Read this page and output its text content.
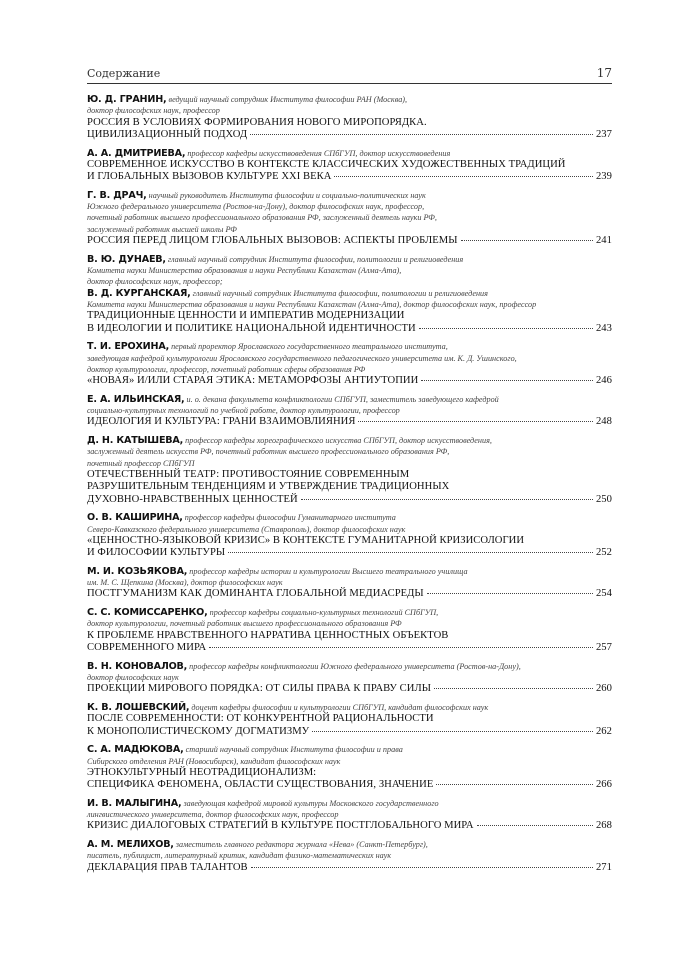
Содержание	17
Ю. Д. ГРАНИН, ведущий научный сотрудник Института философии РАН (Москва),
доктор философских наук, профессор
РОССИЯ В УСЛОВИЯХ ФОРМИРОВАНИЯ НОВОГО МИРОПОРЯДКА.
ЦИВИЛИЗАЦИОННЫЙ ПОДХОД	237
А. А. ДМИТРИЕВА, профессор кафедры искусствоведения СПбГУП, доктор искусствоведения
СОВРЕМЕННОЕ ИСКУССТВО В КОНТЕКСТЕ КЛАССИЧЕСКИХ ХУДОЖЕСТВЕННЫХ ТРАДИЦИЙ
И ГЛОБАЛЬНЫХ ВЫЗОВОВ КУЛЬТУРЕ XXI ВЕКА	239
Г. В. ДРАЧ, научный руководитель Института философии и социально-политических наук
Южного федерального университета (Ростов-на-Дону), доктор философских наук, профессор,
почетный работник высшего профессионального образования РФ, заслуженный деятель науки РФ,
заслуженный работник высшей школы РФ
РОССИЯ ПЕРЕД ЛИЦОМ ГЛОБАЛЬНЫХ ВЫЗОВОВ: АСПЕКТЫ ПРОБЛЕМЫ	241
В. Ю. ДУНАЕВ, главный научный сотрудник Института философии, политологии и религиоведения
Комитета науки Министерства образования и науки Республики Казахстан (Алма-Ата),
доктор философских наук, профессор;
В. Д. КУРГАНСКАЯ, главный научный сотрудник Института философии, политологии и религиоведения
Комитета науки Министерства образования и науки Республики Казахстан (Алма-Ата), доктор философских наук, профессор
ТРАДИЦИОННЫЕ ЦЕННОСТИ И ИМПЕРАТИВ МОДЕРНИЗАЦИИ
В ИДЕОЛОГИИ И ПОЛИТИКЕ НАЦИОНАЛЬНОЙ ИДЕНТИЧНОСТИ	243
Т. И. ЕРОХИНА, первый проректор Ярославского государственного театрального института,
заведующая кафедрой культурологии Ярославского государственного педагогического университета им. К. Д. Ушинского,
доктор культурологии, профессор, почетный работник сферы образования РФ
«НОВАЯ» И/ИЛИ СТАРАЯ ЭТИКА: МЕТАМОРФОЗЫ АНТИУТОПИИ	246
Е. А. ИЛЬИНСКАЯ, и. о. декана факультета конфликтологии СПбГУП, заместитель заведующего кафедрой
социально-культурных технологий по учебной работе, доктор культурологии, профессор
ИДЕОЛОГИЯ И КУЛЬТУРА: ГРАНИ ВЗАИМОВЛИЯНИЯ	248
Д. Н. КАТЫШЕВА, профессор кафедры хореографического искусства СПбГУП, доктор искусствоведения,
заслуженный деятель искусств РФ, почетный работник высшего профессионального образования РФ,
почетный профессор СПбГУП
ОТЕЧЕСТВЕННЫЙ ТЕАТР: ПРОТИВОСТОЯНИЕ СОВРЕМЕННЫМ
РАЗРУШИТЕЛЬНЫМ ТЕНДЕНЦИЯМ И УТВЕРЖДЕНИЕ ТРАДИЦИОННЫХ
ДУХОВНО-НРАВСТВЕННЫХ ЦЕННОСТЕЙ	250
О. В. КАШИРИНА, профессор кафедры философии Гуманитарного института
Северо-Кавказского федерального университета (Ставрополь), доктор философских наук
«ЦЕННОСТНО-ЯЗЫКОВОЙ КРИЗИС» В КОНТЕКСТЕ ГУМАНИТАРНОЙ КРИЗИСОЛОГИИ
И ФИЛОСОФИИ КУЛЬТУРЫ	252
М. И. КОЗЬЯКОВА, профессор кафедры истории и культурологии Высшего театрального училища
им. М. С. Щепкина (Москва), доктор философских наук
ПОСТГУМАНИЗМ КАК ДОМИНАНТА ГЛОБАЛЬНОЙ МЕДИАСРЕДЫ	254
С. С. КОМИССАРЕНКО, профессор кафедры социально-культурных технологий СПбГУП,
доктор культурологии, почетный работник высшего профессионального образования РФ
К ПРОБЛЕМЕ НРАВСТВЕННОГО НАРРАТИВА ЦЕННОСТНЫХ ОБЪЕКТОВ
СОВРЕМЕННОГО МИРА	257
В. Н. КОНОВАЛОВ, профессор кафедры конфликтологии Южного федерального университета (Ростов-на-Дону),
доктор философских наук
ПРОЕКЦИИ МИРОВОГО ПОРЯДКА: ОТ СИЛЫ ПРАВА К ПРАВУ СИЛЫ	260
К. В. ЛОШЕВСКИЙ, доцент кафедры философии и культурологии СПбГУП, кандидат философских наук
ПОСЛЕ СОВРЕМЕННОСТИ: ОТ КОНКУРЕНТНОЙ РАЦИОНАЛЬНОСТИ
К МОНОПОЛИСТИЧЕСКОМУ ДОГМАТИЗМУ	262
С. А. МАДЮКОВА, старший научный сотрудник Института философии и права
Сибирского отделения РАН (Новосибирск), кандидат философских наук
ЭТНОКУЛЬТУРНЫЙ НЕОТРАДИЦИОНАЛИЗМ:
СПЕЦИФИКА ФЕНОМЕНА, ОБЛАСТИ СУЩЕСТВОВАНИЯ, ЗНАЧЕНИЕ	266
И. В. МАЛЫГИНА, заведующая кафедрой мировой культуры Московского государственного
лингвистического университета, доктор философских наук, профессор
КРИЗИС ДИАЛОГОВЫХ СТРАТЕГИЙ В КУЛЬТУРЕ ПОСТГЛОБАЛЬНОГО МИРА	268
А. М. МЕЛИХОВ, заместитель главного редактора журнала «Нева» (Санкт-Петербург),
писатель, публицист, литературный критик, кандидат физико-математических наук
ДЕКЛАРАЦИЯ ПРАВ ТАЛАНТОВ	271
